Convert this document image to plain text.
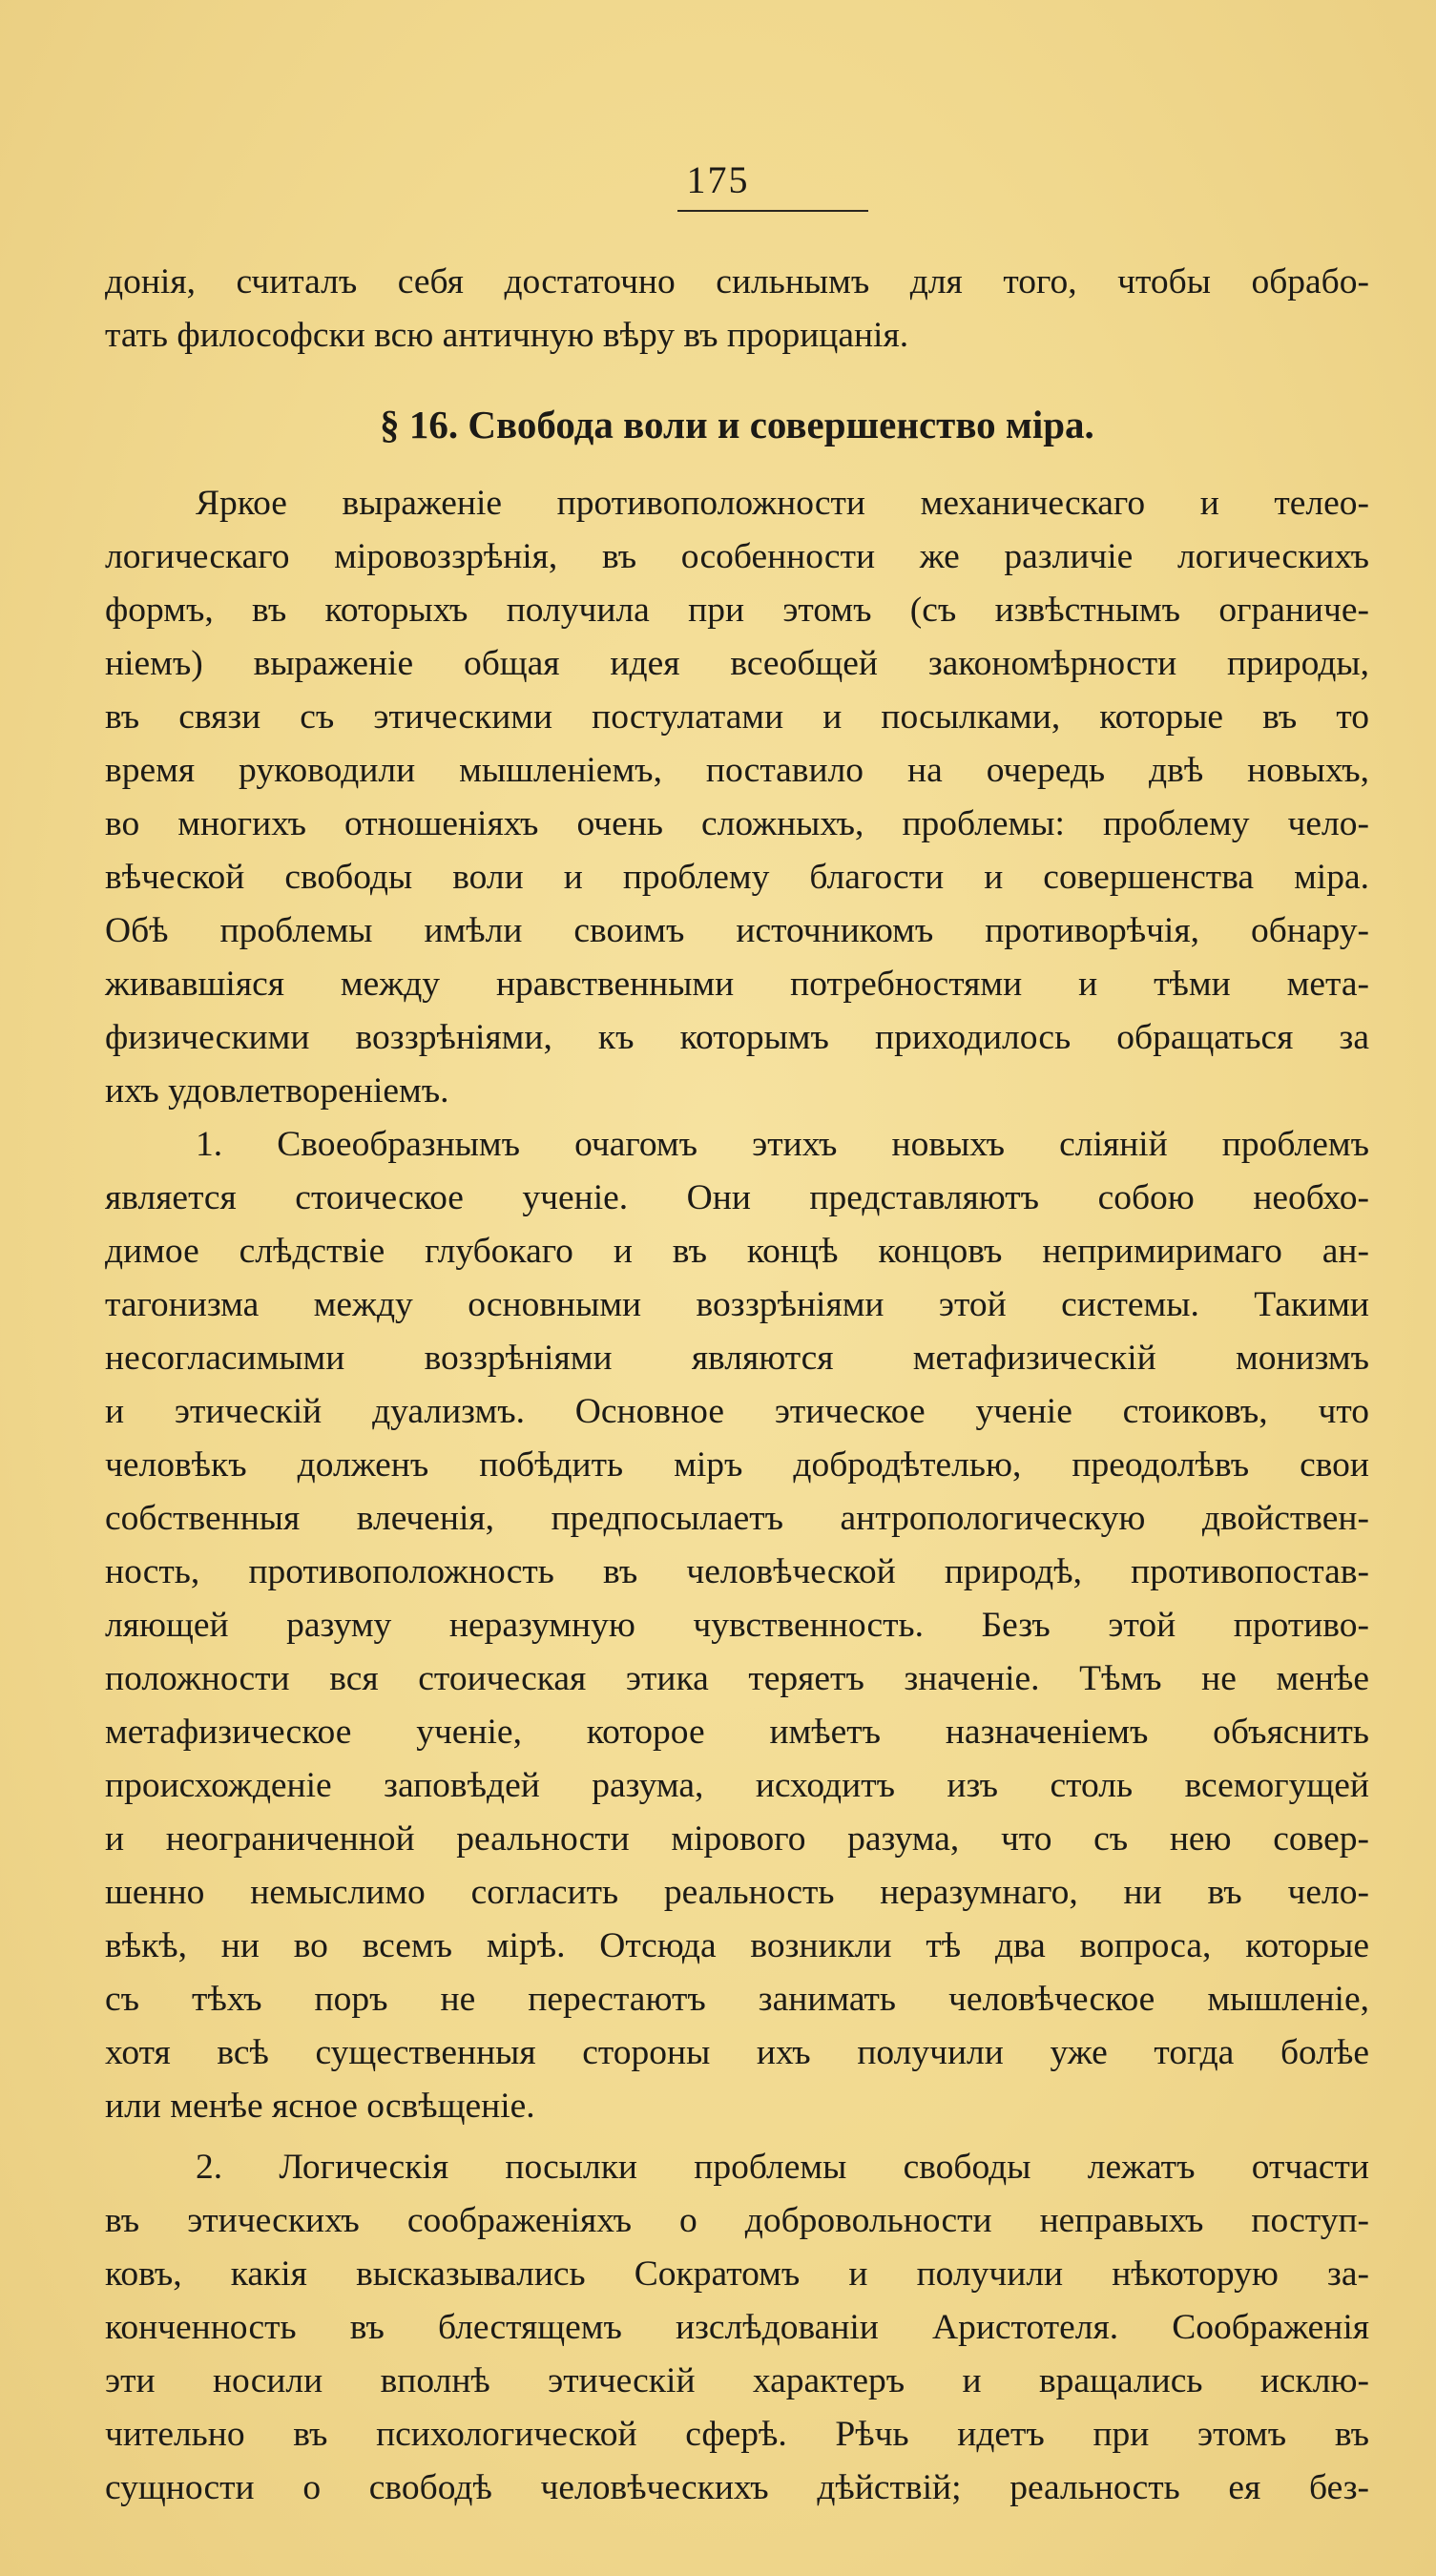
175
донія, считалъ себя достаточно сильнымъ для того, чтобы обрабо-
тать философски всю античную вѣру въ прорицанія.
§ 16. Свобода воли и совершенство міра.
Яркое выраженіе противоположности механическаго и телео-
логическаго міровоззрѣнія, въ особенности же различіе логическихъ
формъ, въ которыхъ получила при этомъ (съ извѣстнымъ ограниче-
ніемъ) выраженіе общая идея всеобщей закономѣрности природы,
въ связи съ этическими постулатами и посылками, которые въ то
время руководили мышленіемъ, поставило на очередь двѣ новыхъ,
во многихъ отношеніяхъ очень сложныхъ, проблемы: проблему чело-
вѣческой свободы воли и проблему благости и совершенства міра.
Обѣ проблемы имѣли своимъ источникомъ противорѣчія, обнару-
живавшіяся между нравственными потребностями и тѣми мета-
физическими воззрѣніями, къ которымъ приходилось обращаться за
ихъ удовлетвореніемъ.
1. Своеобразнымъ очагомъ этихъ новыхъ сліяній проблемъ
является стоическое ученіе. Они представляютъ собою необхо-
димое слѣдствіе глубокаго и въ концѣ концовъ непримиримаго ан-
тагонизма между основными воззрѣніями этой системы. Такими
несогласимыми воззрѣніями являются метафизическій монизмъ
и этическій дуализмъ. Основное этическое ученіе стоиковъ, что
человѣкъ долженъ побѣдить міръ добродѣтелью, преодолѣвъ свои
собственныя влеченія, предпосылаетъ антропологическую двойствен-
ность, противоположность въ человѣческой природѣ, противопостав-
ляющей разуму неразумную чувственность. Безъ этой противо-
положности вся стоическая этика теряетъ значеніе. Тѣмъ не менѣе
метафизическое ученіе, которое имѣетъ назначеніемъ объяснить
происхожденіе заповѣдей разума, исходитъ изъ столь всемогущей
и неограниченной реальности мірового разума, что съ нею совер-
шенно немыслимо согласить реальность неразумнаго, ни въ чело-
вѣкѣ, ни во всемъ мірѣ. Отсюда возникли тѣ два вопроса, которые
съ тѣхъ поръ не перестаютъ занимать человѣческое мышленіе,
хотя всѣ существенныя стороны ихъ получили уже тогда болѣе
или менѣе ясное освѣщеніе.
2. Логическія посылки проблемы свободы лежатъ отчасти
въ этическихъ соображеніяхъ о добровольности неправыхъ поступ-
ковъ, какія высказывались Сократомъ и получили нѣкоторую за-
конченность въ блестящемъ изслѣдованіи Аристотеля. Соображенія
эти носили вполнѣ этическій характеръ и вращались исклю-
чительно въ психологической сферѣ. Рѣчь идетъ при этомъ въ
сущности о свободѣ человѣческихъ дѣйствій; реальность ея без-
